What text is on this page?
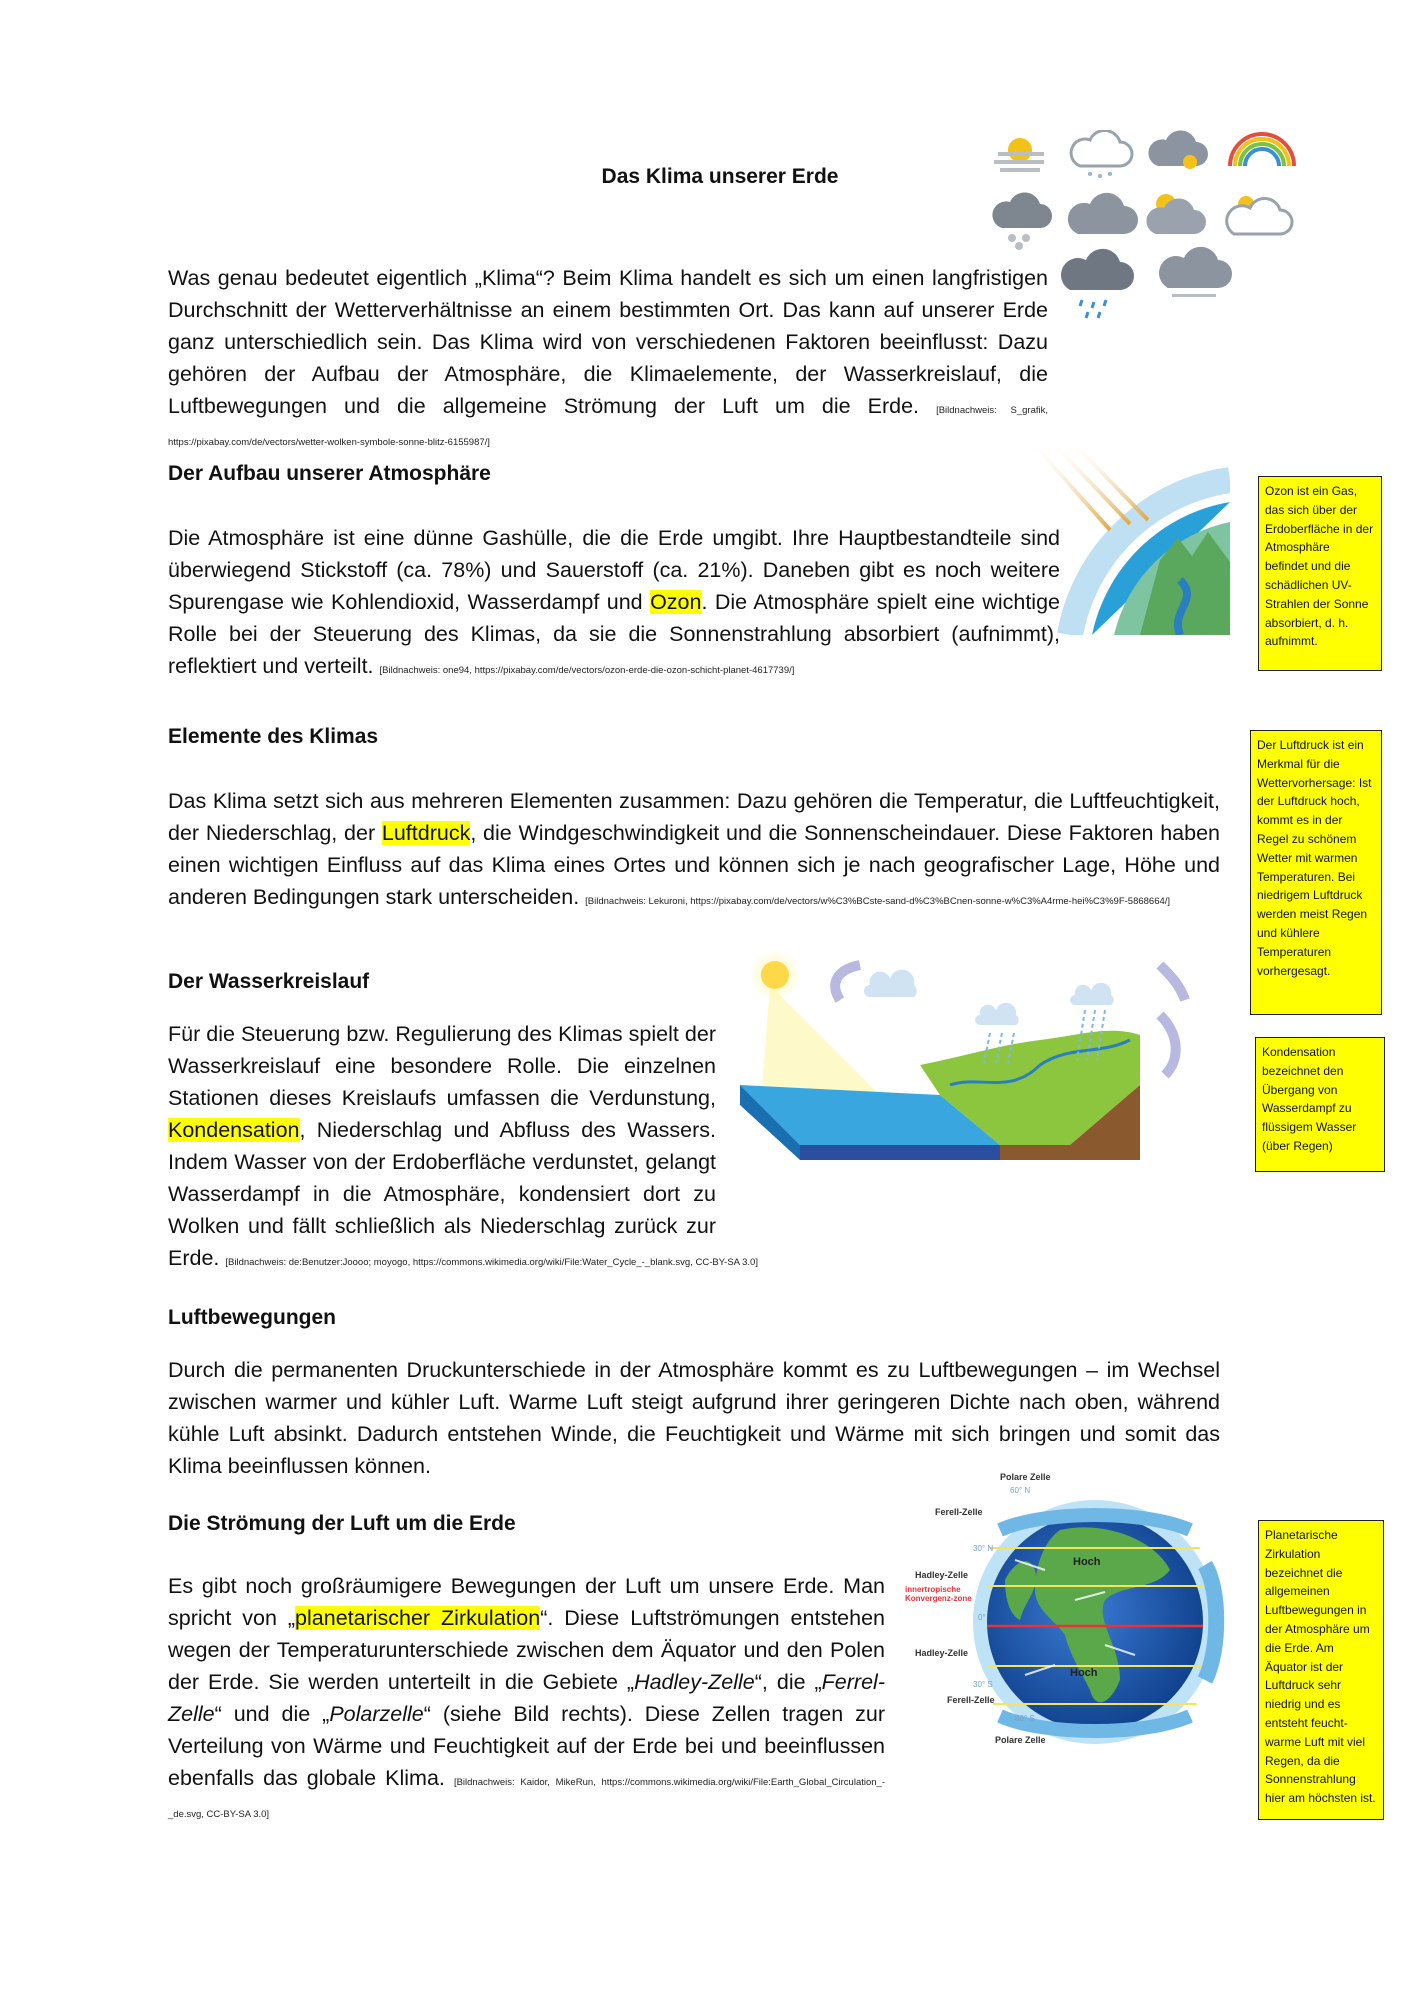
Das Klima unserer Erde

Was genau bedeutet eigentlich „Klima“? Beim Klima handelt es sich um einen langfristigen Durchschnitt der Wetterverhältnisse an einem bestimmten Ort. Das kann auf unserer Erde ganz unterschiedlich sein. Das Klima wird von verschiedenen Faktoren beeinflusst: Dazu gehören der Aufbau der Atmosphäre, die Klimaelemente, der Wasserkreislauf, die Luftbewegungen und die allgemeine Strömung der Luft um die Erde. [Bildnachweis: S_grafik, https://pixabay.com/de/vectors/wetter-wolken-symbole-sonne-blitz-6155987/]

Der Aufbau unserer Atmosphäre

Die Atmosphäre ist eine dünne Gashülle, die die Erde umgibt. Ihre Hauptbestandteile sind überwiegend Stickstoff (ca. 78%) und Sauerstoff (ca. 21%). Daneben gibt es noch weitere Spurengase wie Kohlendioxid, Wasserdampf und Ozon. Die Atmosphäre spielt eine wichtige Rolle bei der Steuerung des Klimas, da sie die Sonnenstrahlung absorbiert (aufnimmt), reflektiert und verteilt. [Bildnachweis: one94, https://pixabay.com/de/vectors/ozon-erde-die-ozon-schicht-planet-4617739/]

Ozon ist ein Gas, das sich über der Erdoberfläche in der Atmosphäre befindet und die schädlichen UV-Strahlen der Sonne absorbiert, d. h. aufnimmt.
Elemente des Klimas

Das Klima setzt sich aus mehreren Elementen zusammen: Dazu gehören die Temperatur, die Luftfeuchtigkeit, der Niederschlag, der Luftdruck, die Windgeschwindigkeit und die Sonnenscheindauer. Diese Faktoren haben einen wichtigen Einfluss auf das Klima eines Ortes und können sich je nach geografischer Lage, Höhe und anderen Bedingungen stark unterscheiden. [Bildnachweis: Lekuroni, https://pixabay.com/de/vectors/w%C3%BCste-sand-d%C3%BCnen-sonne-w%C3%A4rme-hei%C3%9F-5868664/]

Der Luftdruck ist ein Merkmal für die Wettervorhersage: Ist der Luftdruck hoch, kommt es in der Regel zu schönem Wetter mit warmen Temperaturen. Bei niedrigem Luftdruck werden meist Regen und kühlere Temperaturen vorhergesagt.
Der Wasserkreislauf

Für die Steuerung bzw. Regulierung des Klimas spielt der Wasserkreislauf eine besondere Rolle. Die einzelnen Stationen dieses Kreislaufs umfassen die Verdunstung, Kondensation, Niederschlag und Abfluss des Wassers. Indem Wasser von der Erdoberfläche verdunstet, gelangt Wasserdampf in die Atmosphäre, kondensiert dort zu Wolken und fällt schließlich als Niederschlag zurück zur Erde. [Bildnachweis: de:Benutzer:Joooo; moyogo, https://commons.wikimedia.org/wiki/File:Water_Cycle_-_blank.svg, CC-BY-SA 3.0]

Kondensation bezeichnet den Übergang von Wasserdampf zu flüssigem Wasser (über Regen)
Luftbewegungen

Durch die permanenten Druckunterschiede in der Atmosphäre kommt es zu Luftbewegungen – im Wechsel zwischen warmer und kühler Luft. Warme Luft steigt aufgrund ihrer geringeren Dichte nach oben, während kühle Luft absinkt. Dadurch entstehen Winde, die Feuchtigkeit und Wärme mit sich bringen und somit das Klima beeinflussen können.

Die Strömung der Luft um die Erde

Es gibt noch großräumigere Bewegungen der Luft um unsere Erde. Man spricht von „planetarischer Zirkulation“. Diese Luftströmungen entstehen wegen der Temperaturunterschiede zwischen dem Äquator und den Polen der Erde. Sie werden unterteilt in die Gebiete „Hadley-Zelle“, die „Ferrel-Zelle“ und die „Polarzelle“ (siehe Bild rechts). Diese Zellen tragen zur Verteilung von Wärme und Feuchtigkeit auf der Erde bei und beeinflussen ebenfalls das globale Klima. [Bildnachweis: Kaidor, MikeRun, https://commons.wikimedia.org/wiki/File:Earth_Global_Circulation_-_de.svg, CC-BY-SA 3.0]

Polare Zelle
60° N
Ferell-Zelle
30° N
Hadley-Zelle
innertropische Konvergenz-zone
0°
Hadley-Zelle
30° S
Ferell-Zelle
60° S
Polare Zelle
Hoch
Hoch
Planetarische Zirkulation bezeichnet die allgemeinen Luftbewegungen in der Atmosphäre um die Erde. Am Äquator ist der Luftdruck sehr niedrig und es entsteht feucht-warme Luft mit viel Regen, da die Sonnenstrahlung hier am höchsten ist.
